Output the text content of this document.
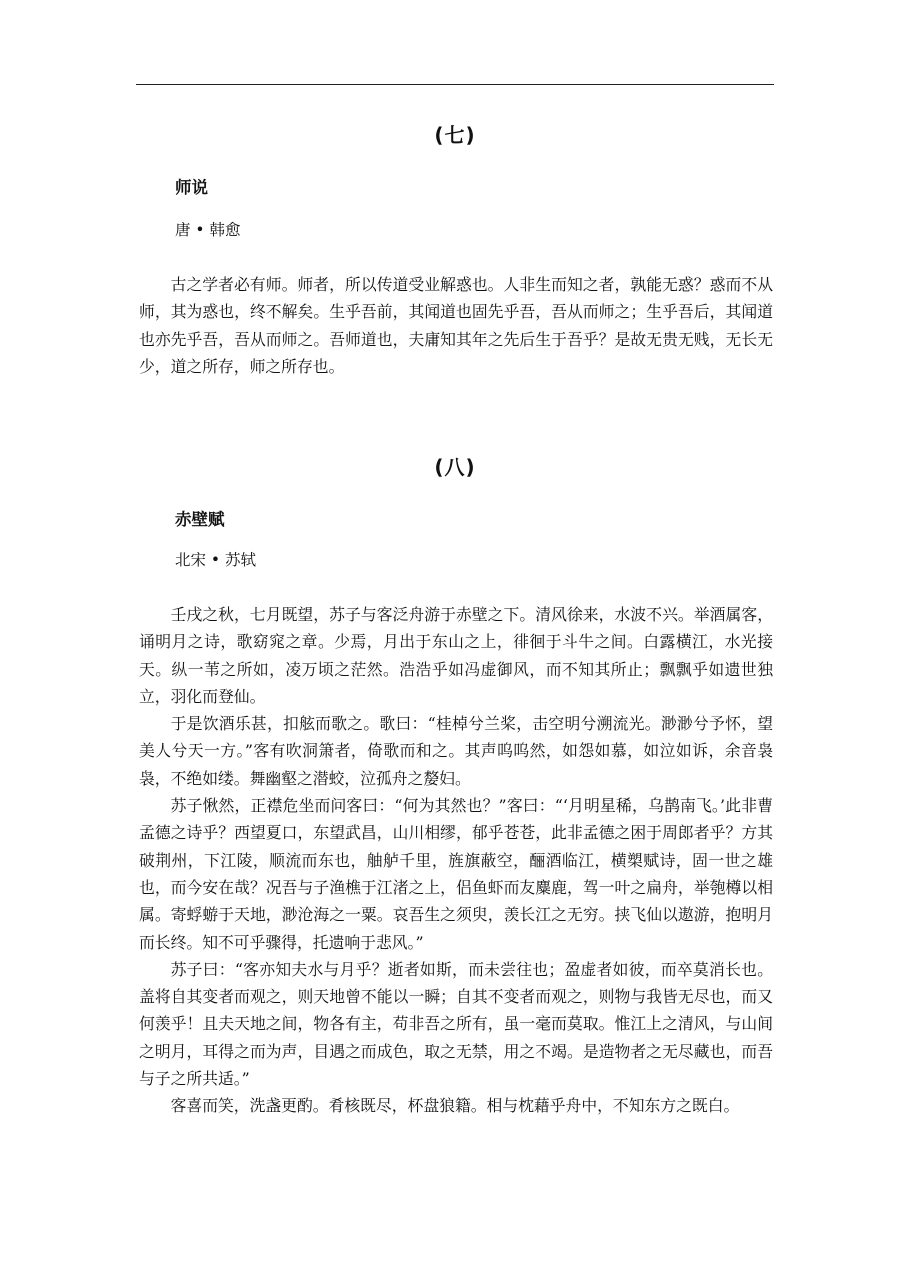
(七)
师说
唐 • 韩愈

古之学者必有师。师者，所以传道受业解惑也。人非生而知之者，孰能无惑？惑而不从师，其为惑也，终不解矣。生乎吾前，其闻道也固先乎吾，吾从而师之；生乎吾后，其闻道也亦先乎吾，吾从而师之。吾师道也，夫庸知其年之先后生于吾乎？是故无贵无贱，无长无少，道之所存，师之所存也。

(八)
赤壁赋
北宋 • 苏轼

壬戌之秋，七月既望，苏子与客泛舟游于赤壁之下。清风徐来，水波不兴。举酒属客，诵明月之诗，歌窈窕之章。少焉，月出于东山之上，徘徊于斗牛之间。白露横江，水光接天。纵一苇之所如，凌万顷之茫然。浩浩乎如冯虚御风，而不知其所止；飘飘乎如遗世独立，羽化而登仙。

于是饮酒乐甚，扣舷而歌之。歌曰：“桂棹兮兰桨，击空明兮溯流光。渺渺兮予怀，望美人兮天一方。”客有吹洞箫者，倚歌而和之。其声呜呜然，如怨如慕，如泣如诉，余音袅袅，不绝如缕。舞幽壑之潜蛟，泣孤舟之嫠妇。

苏子愀然，正襟危坐而问客曰：“何为其然也？”客曰：“‘月明星稀，乌鹊南飞。’此非曹孟德之诗乎？西望夏口，东望武昌，山川相缪，郁乎苍苍，此非孟德之困于周郎者乎？方其破荆州，下江陵，顺流而东也，舳舻千里，旌旗蔽空，酾酒临江，横槊赋诗，固一世之雄也，而今安在哉？况吾与子渔樵于江渚之上，侣鱼虾而友麋鹿，驾一叶之扁舟，举匏樽以相属。寄蜉蝣于天地，渺沧海之一粟。哀吾生之须臾，羡长江之无穷。挟飞仙以遨游，抱明月而长终。知不可乎骤得，托遗响于悲风。”

苏子曰：“客亦知夫水与月乎？逝者如斯，而未尝往也；盈虚者如彼，而卒莫消长也。盖将自其变者而观之，则天地曾不能以一瞬；自其不变者而观之，则物与我皆无尽也，而又何羡乎！且夫天地之间，物各有主，苟非吾之所有，虽一毫而莫取。惟江上之清风，与山间之明月，耳得之而为声，目遇之而成色，取之无禁，用之不竭。是造物者之无尽藏也，而吾与子之所共适。”

客喜而笑，洗盏更酌。肴核既尽，杯盘狼籍。相与枕藉乎舟中，不知东方之既白。
